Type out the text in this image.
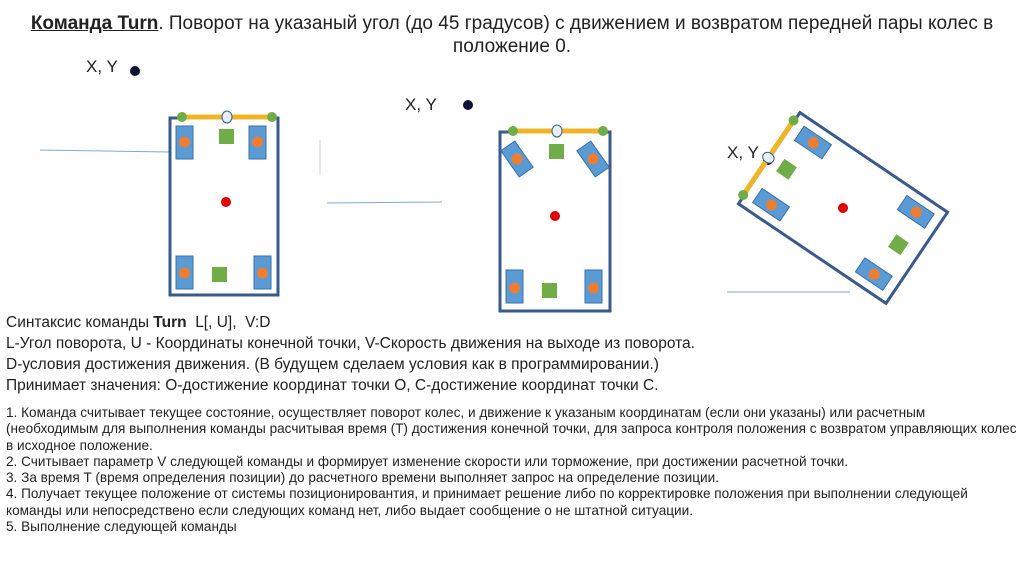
Команда Turn. Поворот на указаный угол (до 45 градусов) с движением и возвратом передней пары колес в положение 0.
X, Y
X, Y
X, Y
Синтаксис команды Turn  L[, U],  V:D
L-Угол поворота, U - Координаты конечной точки, V-Скорость движения на выходе из поворота.
D-условия достижения движения. (В будущем сделаем условия как в программировании.)
Принимает значения: O-достижение координат точки O, C-достижение координат точки C.
1. Команда считывает текущее состояние, осуществляет поворот колес, и движение к указаным координатам (если они указаны) или расчетным (необходимым для выполнения команды расчитывая время (T) достижения конечной точки, для запроса контроля положения с возвратом управляющих колес в исходное положение.
2. Считывает параметр V следующей команды и формирует изменение скорости или торможение, при достижении расчетной точки.
3. За время T (время определения позиции) до расчетного времени выполняет запрос на определение позиции.
4. Получает текущее положение от системы позиционировантия, и принимает решение либо по корректировке положения при выполнении следующей команды или непосредствено если следующих команд нет, либо выдает сообщение о не штатной ситуации.
5. Выполнение следующей команды
